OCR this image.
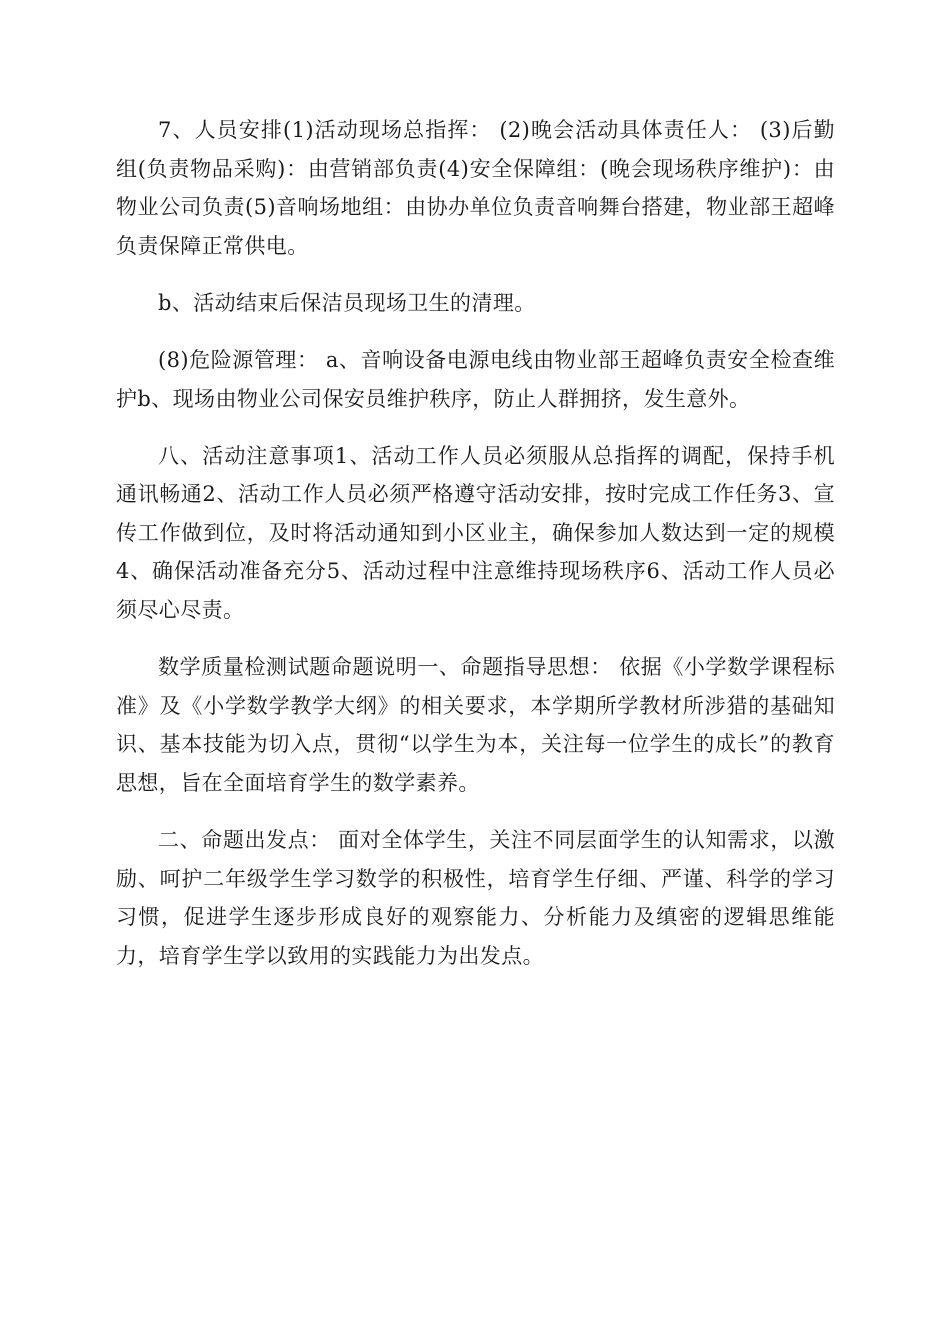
7、人员安排(1)活动现场总指挥： (2)晚会活动具体责任人： (3)后勤组(负责物品采购)：由营销部负责(4)安全保障组：(晚会现场秩序维护)：由物业公司负责(5)音响场地组：由协办单位负责音响舞台搭建，物业部王超峰负责保障正常供电。

b、活动结束后保洁员现场卫生的清理。

(8)危险源管理： a、音响设备电源电线由物业部王超峰负责安全检查维护b、现场由物业公司保安员维护秩序，防止人群拥挤，发生意外。

八、活动注意事项1、活动工作人员必须服从总指挥的调配，保持手机通讯畅通2、活动工作人员必须严格遵守活动安排，按时完成工作任务3、宣传工作做到位，及时将活动通知到小区业主，确保参加人数达到一定的规模4、确保活动准备充分5、活动过程中注意维持现场秩序6、活动工作人员必须尽心尽责。

数学质量检测试题命题说明一、命题指导思想： 依据《小学数学课程标准》及《小学数学教学大纲》的相关要求，本学期所学教材所涉猎的基础知识、基本技能为切入点，贯彻“以学生为本，关注每一位学生的成长”的教育思想，旨在全面培育学生的数学素养。

二、命题出发点： 面对全体学生，关注不同层面学生的认知需求，以激励、呵护二年级学生学习数学的积极性，培育学生仔细、严谨、科学的学习习惯，促进学生逐步形成良好的观察能力、分析能力及缜密的逻辑思维能力，培育学生学以致用的实践能力为出发点。
